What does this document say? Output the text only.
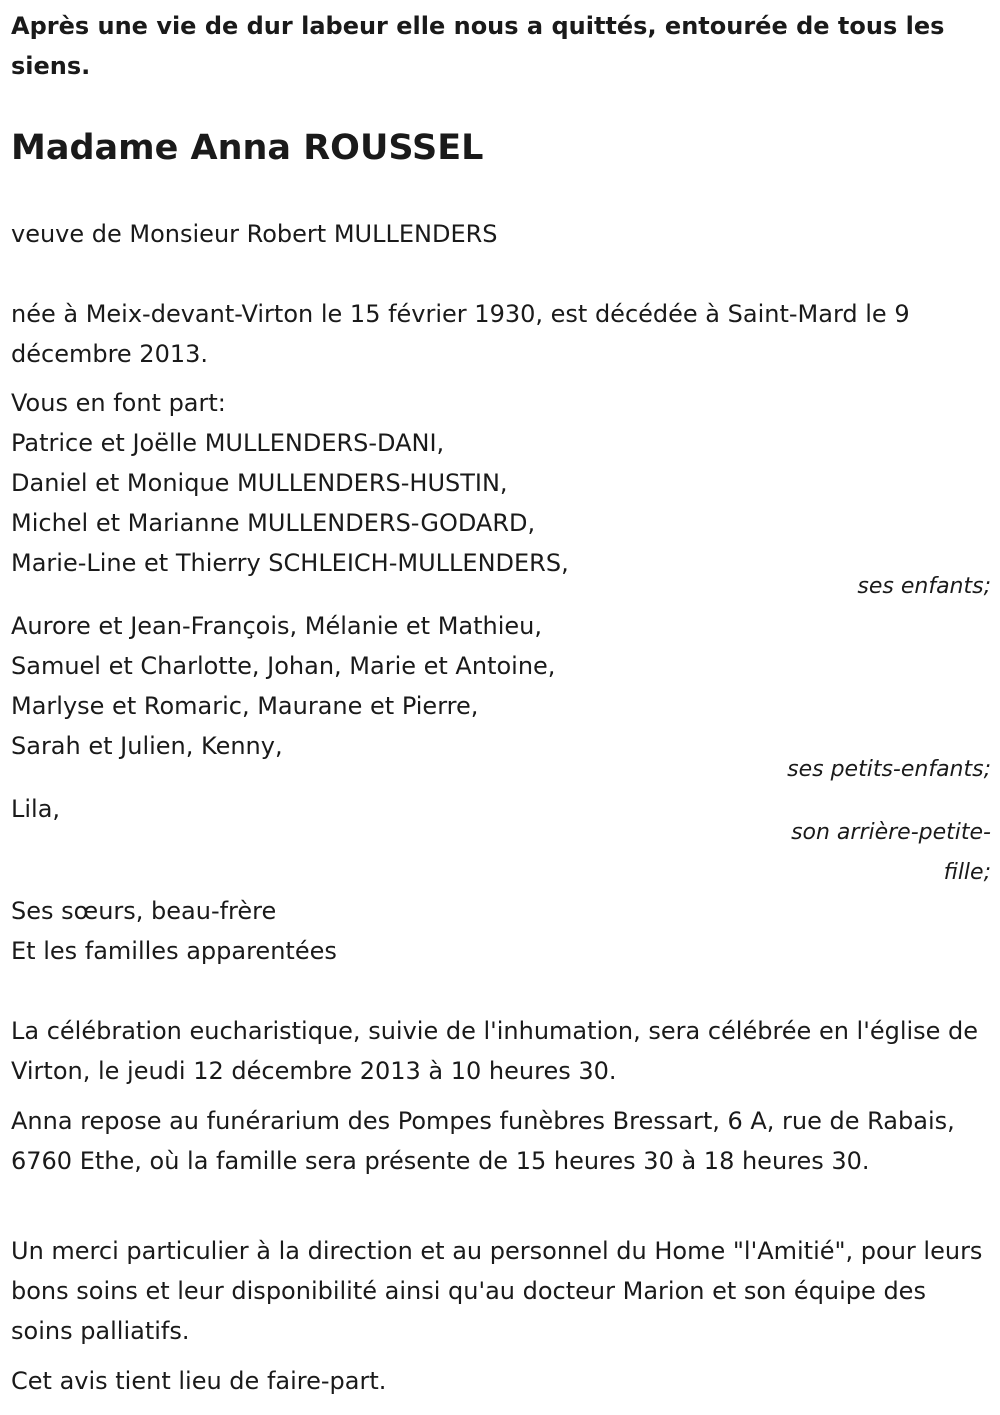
Après une vie de dur labeur elle nous a quittés, entourée de tous les siens.

Madame Anna ROUSSEL
veuve de Monsieur Robert MULLENDERS
née à Meix-devant-Virton le 15 février 1930, est décédée à Saint-Mard le 9 décembre 2013.
Vous en font part:
Patrice et Joëlle MULLENDERS-DANI,
Daniel et Monique MULLENDERS-HUSTIN,
Michel et Marianne MULLENDERS-GODARD,
Marie-Line et Thierry SCHLEICH-MULLENDERS,
ses enfants;
Aurore et Jean-François, Mélanie et Mathieu,
Samuel et Charlotte, Johan, Marie et Antoine,
Marlyse et Romaric, Maurane et Pierre,
Sarah et Julien, Kenny,
ses petits-enfants;
Lila,
son arrière-petite-
fille;
Ses sœurs, beau-frère
Et les familles apparentées
La célébration eucharistique, suivie de l'inhumation, sera célébrée en l'église de Virton, le jeudi 12 décembre 2013 à 10 heures 30.
Anna repose au funérarium des Pompes funèbres Bressart, 6 A, rue de Rabais, 6760 Ethe, où la famille sera présente de 15 heures 30 à 18 heures 30.
Un merci particulier à la direction et au personnel du Home "l'Amitié", pour leurs bons soins et leur disponibilité ainsi qu'au docteur Marion et son équipe des soins palliatifs.
Cet avis tient lieu de faire-part.
